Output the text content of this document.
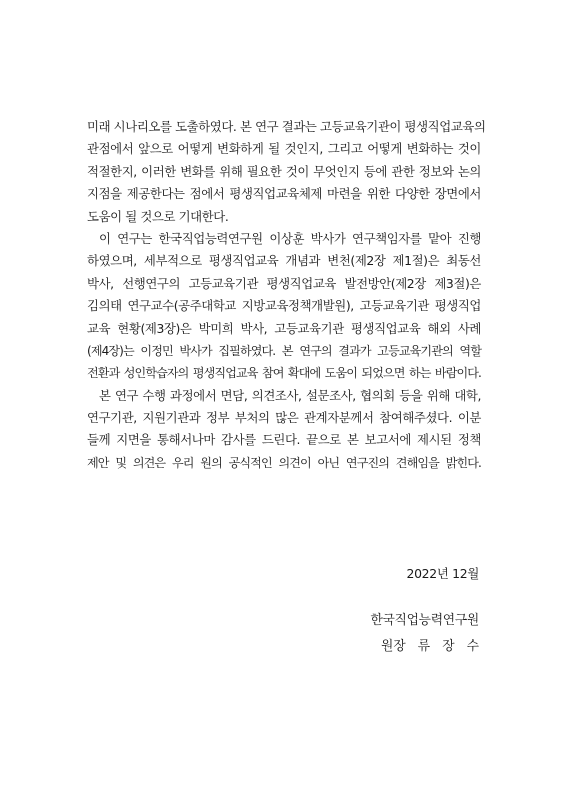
미래 시나리오를 도출하였다. 본 연구 결과는 고등교육기관이 평생직업교육의
관점에서 앞으로 어떻게 변화하게 될 것인지, 그리고 어떻게 변화하는 것이
적절한지, 이러한 변화를 위해 필요한 것이 무엇인지 등에 관한 정보와 논의
지점을 제공한다는 점에서 평생직업교육체제 마련을 위한 다양한 장면에서
도움이 될 것으로 기대한다.
이 연구는 한국직업능력연구원 이상훈 박사가 연구책임자를 맡아 진행
하였으며, 세부적으로 평생직업교육 개념과 변천(제2장 제1절)은 최동선
박사, 선행연구의 고등교육기관 평생직업교육 발전방안(제2장 제3절)은
김의태 연구교수(공주대학교 지방교육정책개발원), 고등교육기관 평생직업
교육 현황(제3장)은 박미희 박사, 고등교육기관 평생직업교육 해외 사례
(제4장)는 이정민 박사가 집필하였다. 본 연구의 결과가 고등교육기관의 역할
전환과 성인학습자의 평생직업교육 참여 확대에 도움이 되었으면 하는 바람이다.
본 연구 수행 과정에서 면담, 의견조사, 설문조사, 협의회 등을 위해 대학,
연구기관, 지원기관과 정부 부처의 많은 관계자분께서 참여해주셨다. 이분
들께 지면을 통해서나마 감사를 드린다. 끝으로 본 보고서에 제시된 정책
제안 및 의견은 우리 원의 공식적인 의견이 아닌 연구진의 견해임을 밝힌다.
2022년 12월
한국직업능력연구원
원장 류 장 수
